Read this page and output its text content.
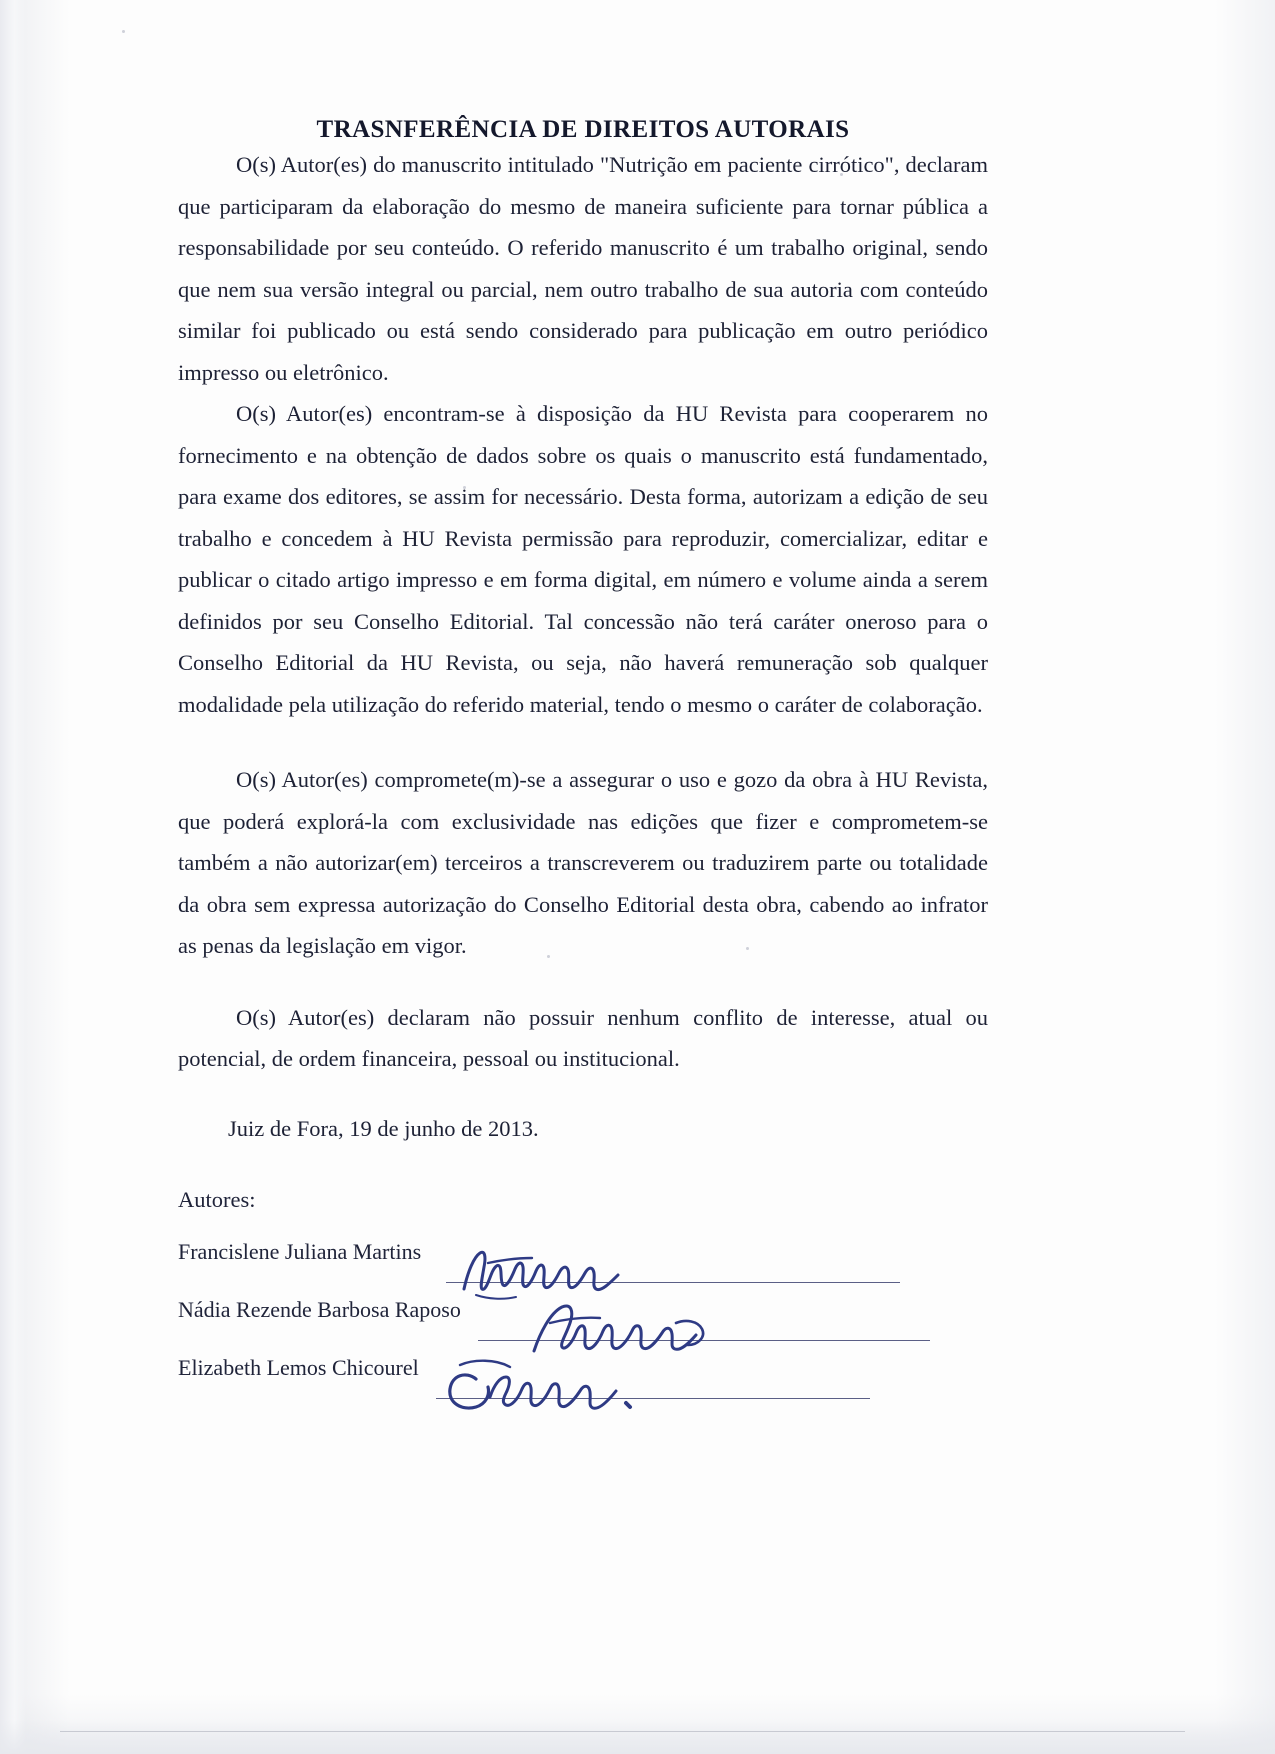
TRASNFERÊNCIA DE DIREITOS AUTORAIS

O(s) Autor(es) do manuscrito intitulado "Nutrição em paciente cirrótico", declaram que participaram da elaboração do mesmo de maneira suficiente para tornar pública a responsabilidade por seu conteúdo. O referido manuscrito é um trabalho original, sendo que nem sua versão integral ou parcial, nem outro trabalho de sua autoria com conteúdo similar foi publicado ou está sendo considerado para publicação em outro periódico impresso ou eletrônico.

O(s) Autor(es) encontram-se à disposição da HU Revista para cooperarem no fornecimento e na obtenção de dados sobre os quais o manuscrito está fundamentado, para exame dos editores, se assim for necessário. Desta forma, autorizam a edição de seu trabalho e concedem à HU Revista permissão para reproduzir, comercializar, editar e publicar o citado artigo impresso e em forma digital, em número e volume ainda a serem definidos por seu Conselho Editorial. Tal concessão não terá caráter oneroso para o Conselho Editorial da HU Revista, ou seja, não haverá remuneração sob qualquer modalidade pela utilização do referido material, tendo o mesmo o caráter de colaboração.

O(s) Autor(es) compromete(m)-se a assegurar o uso e gozo da obra à HU Revista, que poderá explorá-la com exclusividade nas edições que fizer e comprometem-se também a não autorizar(em) terceiros a transcreverem ou traduzirem parte ou totalidade da obra sem expressa autorização do Conselho Editorial desta obra, cabendo ao infrator as penas da legislação em vigor.

O(s) Autor(es) declaram não possuir nenhum conflito de interesse, atual ou potencial, de ordem financeira, pessoal ou institucional.

Juiz de Fora, 19 de junho de 2013.
Autores:
Francislene Juliana Martins
Nádia Rezende Barbosa Raposo
Elizabeth Lemos Chicourel
